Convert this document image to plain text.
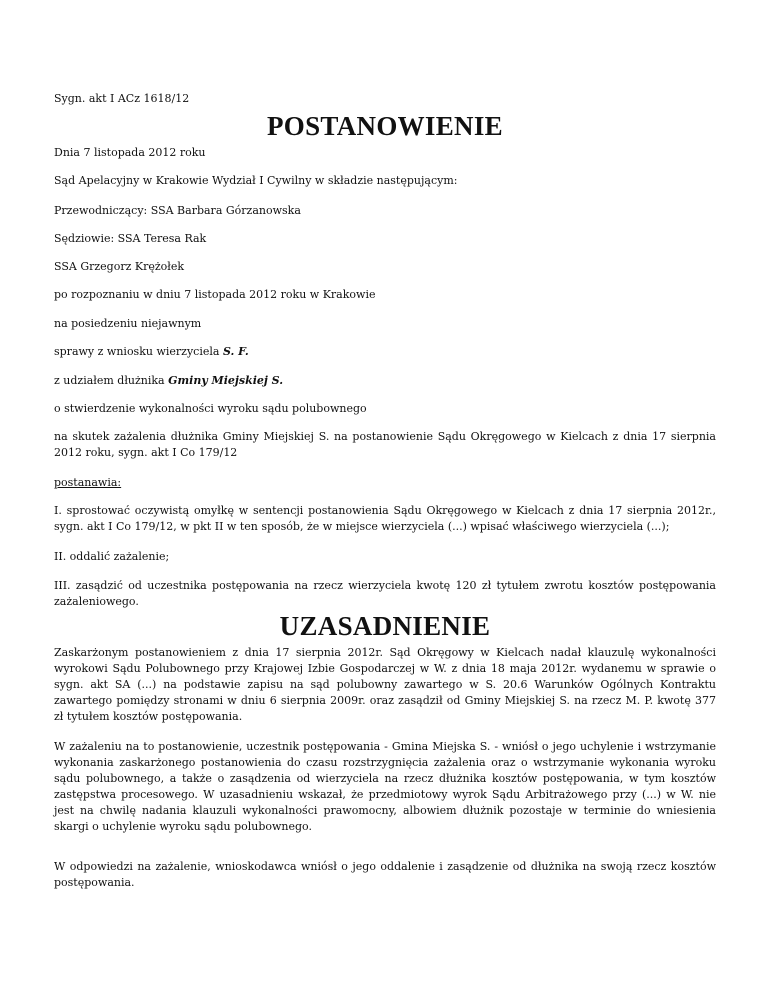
Sygn. akt I ACz 1618/12

POSTANOWIENIE

Dnia 7 listopada 2012 roku

Sąd Apelacyjny w Krakowie Wydział I Cywilny w składzie następującym:

Przewodniczący: SSA Barbara Górzanowska

Sędziowie: SSA Teresa Rak

SSA Grzegorz Krężołek

po rozpoznaniu w dniu 7 listopada 2012 roku w Krakowie

na posiedzeniu niejawnym

sprawy z wniosku wierzyciela S. F.

z udziałem dłużnika Gminy Miejskiej S.

o stwierdzenie wykonalności wyroku sądu polubownego

na skutek zażalenia dłużnika Gminy Miejskiej S. na postanowienie Sądu Okręgowego w Kielcach z dnia 17 sierpnia 2012 roku, sygn. akt I Co 179/12

postanawia:

I. sprostować oczywistą omyłkę w sentencji postanowienia Sądu Okręgowego w Kielcach z dnia 17 sierpnia 2012r., sygn. akt I Co 179/12, w pkt II w ten sposób, że w miejsce wierzyciela (...) wpisać właściwego wierzyciela (...);

II. oddalić zażalenie;

III. zasądzić od uczestnika postępowania na rzecz wierzyciela kwotę 120 zł tytułem zwrotu kosztów postępowania zażaleniowego.

UZASADNIENIE

Zaskarżonym postanowieniem z dnia 17 sierpnia 2012r. Sąd Okręgowy w Kielcach nadał klauzulę wykonalności wyrokowi Sądu Polubownego przy Krajowej Izbie Gospodarczej w W. z dnia 18 maja 2012r. wydanemu w sprawie o sygn. akt SA (...) na podstawie zapisu na sąd polubowny zawartego w S. 20.6 Warunków Ogólnych Kontraktu zawartego pomiędzy stronami w dniu 6 sierpnia 2009r. oraz zasądził od Gminy Miejskiej S. na rzecz M. P. kwotę 377 zł tytułem kosztów postępowania.

W zażaleniu na to postanowienie, uczestnik postępowania - Gmina Miejska S. - wniósł o jego uchylenie i wstrzymanie wykonania zaskarżonego postanowienia do czasu rozstrzygnięcia zażalenia oraz o wstrzymanie wykonania wyroku sądu polubownego, a także o zasądzenia od wierzyciela na rzecz dłużnika kosztów postępowania, w tym kosztów zastępstwa procesowego. W uzasadnieniu wskazał, że przedmiotowy wyrok Sądu Arbitrażowego przy (...) w W. nie jest na chwilę nadania klauzuli wykonalności prawomocny, albowiem dłużnik pozostaje w terminie do wniesienia skargi o uchylenie wyroku sądu polubownego.

W odpowiedzi na zażalenie, wnioskodawca wniósł o jego oddalenie i zasądzenie od dłużnika na swoją rzecz kosztów postępowania.
